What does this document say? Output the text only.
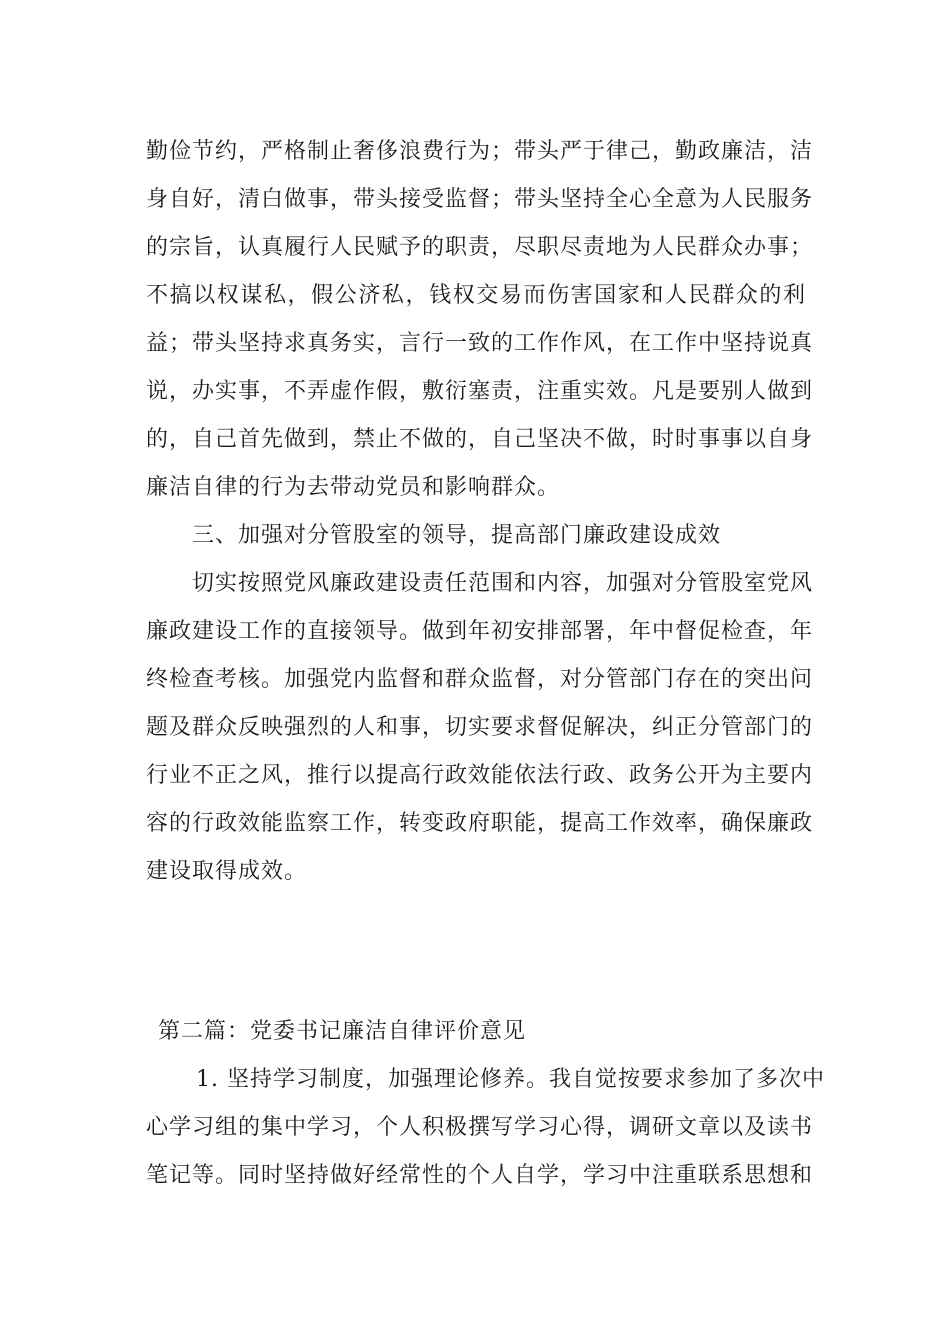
勤俭节约，严格制止奢侈浪费行为；带头严于律己，勤政廉洁，洁
身自好，清白做事，带头接受监督；带头坚持全心全意为人民服务
的宗旨，认真履行人民赋予的职责，尽职尽责地为人民群众办事；
不搞以权谋私，假公济私，钱权交易而伤害国家和人民群众的利
益；带头坚持求真务实，言行一致的工作作风，在工作中坚持说真
说，办实事，不弄虚作假，敷衍塞责，注重实效。凡是要别人做到
的，自己首先做到，禁止不做的，自己坚决不做，时时事事以自身
廉洁自律的行为去带动党员和影响群众。
三、加强对分管股室的领导，提高部门廉政建设成效
切实按照党风廉政建设责任范围和内容，加强对分管股室党风
廉政建设工作的直接领导。做到年初安排部署，年中督促检查，年
终检查考核。加强党内监督和群众监督，对分管部门存在的突出问
题及群众反映强烈的人和事，切实要求督促解决，纠正分管部门的
行业不正之风，推行以提高行政效能依法行政、政务公开为主要内
容的行政效能监察工作，转变政府职能，提高工作效率，确保廉政
建设取得成效。
第二篇：党委书记廉洁自律评价意见
1. 坚持学习制度，加强理论修养。我自觉按要求参加了多次中
心学习组的集中学习，个人积极撰写学习心得，调研文章以及读书
笔记等。同时坚持做好经常性的个人自学，学习中注重联系思想和
